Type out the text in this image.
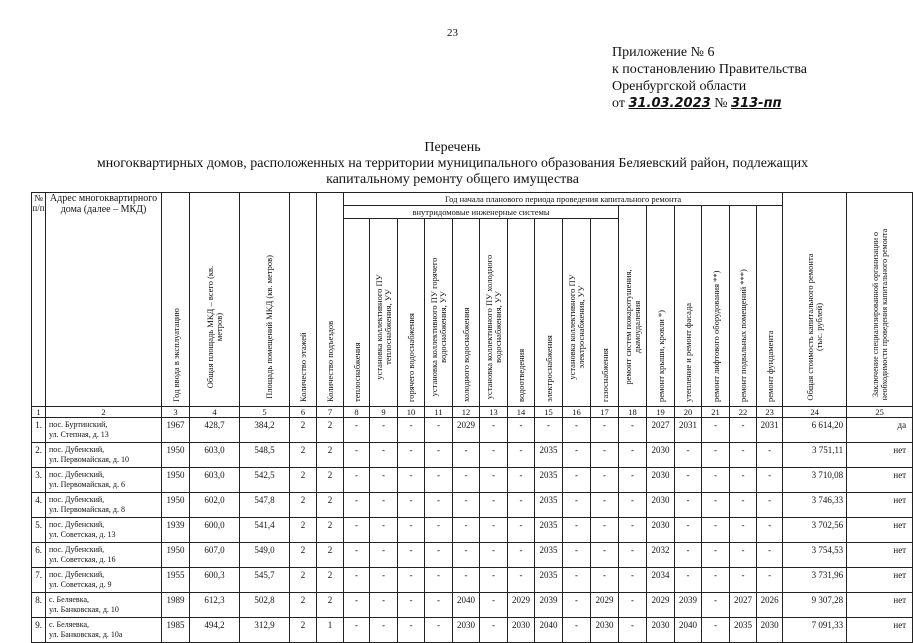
23
Приложение № 6
к постановлению Правительства
Оренбургской области
от 31.03.2023 № 313-пп
Перечень
многоквартирных домов, расположенных на территории муниципального образования Беляевский район, подлежащих
капитальному ремонту общего имущества
№ п/п	Адрес многоквартирного дома (далее – МКД)	Год ввода в эксплуатацию	Общая площадь МКД – всего (кв. метров)	Площадь помещений МКД (кв. метров)	Количество этажей	Количество подъездов	Год начала планового периода проведения капитального ремонта																Общая стоимость капитального ремонта (тыс. рублей)	Заключение специализированной организации о необходимости проведения капитального ремонта

							внутридомовые инженерные системы										ремонт систем пожаротушения, дымоудаления	ремонт крыши, кровли *)	утепление и ремонт фасада	ремонт лифтового оборудования **)	ремонт подвальных помещений ***)	ремонт фундамента		

							теплоснабжения	установка коллективного ПУ теплоснабжения, УУ	горячего водоснабжения	установка коллективного ПУ горячего водоснабжения, УУ	холодного водоснабжения	установка коллективного ПУ холодного водоснабжения, УУ	водоотведения	электроснабжения	установка коллективного ПУ электроснабжения, УУ	газоснабжения								

1	2	3	4	5	6	7	8	9	10	11	12	13	14	15	16	17	18	19	20	21	22	23	24	25

1.	пос. Буртинский,
ул. Степная, д. 13	1967	428,7	384,2	2	2	-	-	-	-	2029	-	-	-	-	-	-	2027	2031	-	-	2031	6 614,20	да

2.	пос. Дубенский,
ул. Первомайская, д. 10	1950	603,0	548,5	2	2	-	-	-	-	-	-	-	2035	-	-	-	2030	-	-	-	-	3 751,11	нет

3.	пос. Дубенский,
ул. Первомайская, д. 6	1950	603,0	542,5	2	2	-	-	-	-	-	-	-	2035	-	-	-	2030	-	-	-	-	3 710,08	нет

4.	пос. Дубенский,
ул. Первомайская, д. 8	1950	602,0	547,8	2	2	-	-	-	-	-	-	-	2035	-	-	-	2030	-	-	-	-	3 746,33	нет

5.	пос. Дубенский,
ул. Советская, д. 13	1939	600,0	541,4	2	2	-	-	-	-	-	-	-	2035	-	-	-	2030	-	-	-	-	3 702,56	нет

6.	пос. Дубенский,
ул. Советская, д. 16	1950	607,0	549,0	2	2	-	-	-	-	-	-	-	2035	-	-	-	2032	-	-	-	-	3 754,53	нет

7.	пос. Дубенский,
ул. Советская, д. 9	1955	600,3	545,7	2	2	-	-	-	-	-	-	-	2035	-	-	-	2034	-	-	-	-	3 731,96	нет

8.	с. Беляевка,
ул. Банковская, д. 10	1989	612,3	502,8	2	2	-	-	-	-	2040	-	2029	2039	-	2029	-	2029	2039	-	2027	2026	9 307,28	нет

9.	с. Беляевка,
ул. Банковская, д. 10а	1985	494,2	312,9	2	1	-	-	-	-	2030	-	2030	2040	-	2030	-	2030	2040	-	2035	2030	7 091,33	нет
